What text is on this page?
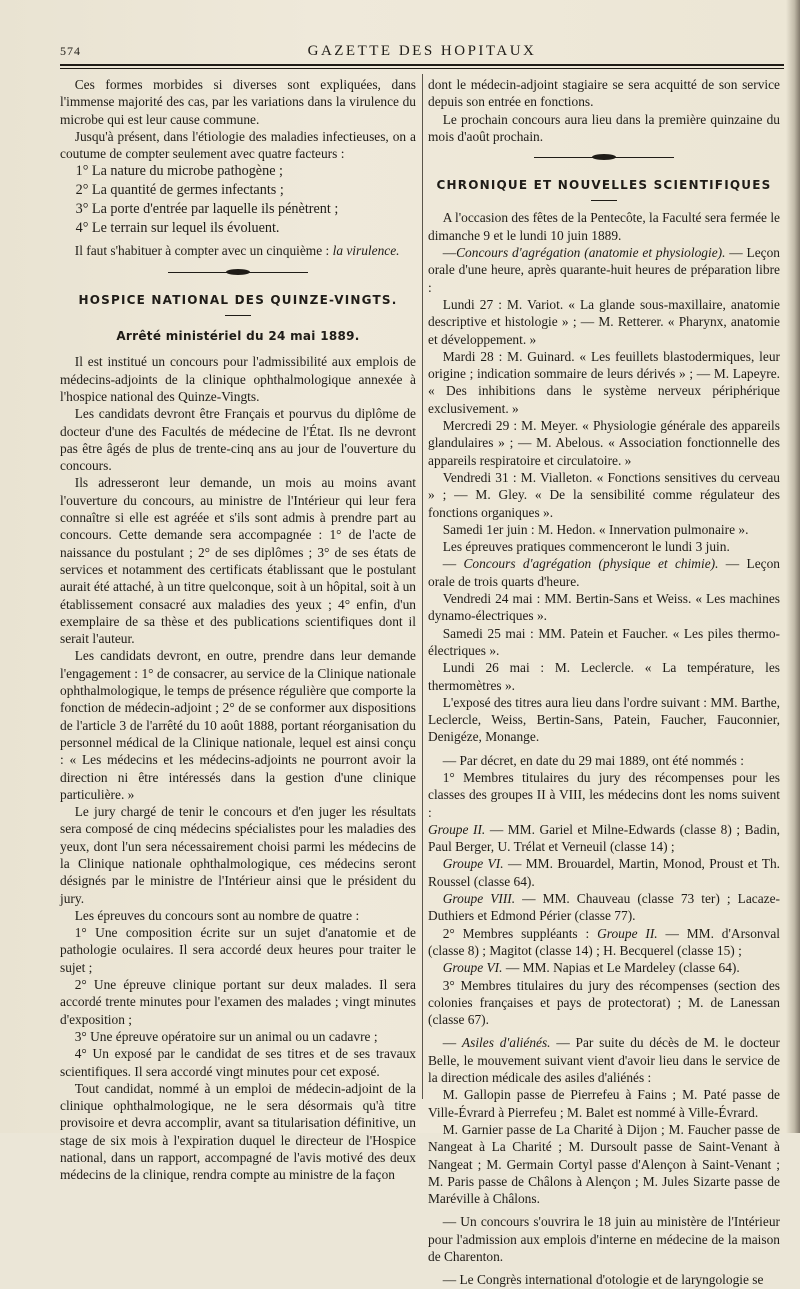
574	GAZETTE DES HOPITAUX

Ces formes morbides si diverses sont expliquées, dans l'immense majorité des cas, par les variations dans la virulence du microbe qui est leur cause commune.

Jusqu'à présent, dans l'étiologie des maladies infectieuses, on a coutume de compter seulement avec quatre facteurs :

1° La nature du microbe pathogène ;

2° La quantité de germes infectants ;

3° La porte d'entrée par laquelle ils pénètrent ;

4° Le terrain sur lequel ils évoluent.

Il faut s'habituer à compter avec un cinquième : la virulence.

HOSPICE NATIONAL DES QUINZE-VINGTS.
Arrêté ministériel du 24 mai 1889.

Il est institué un concours pour l'admissibilité aux emplois de médecins-adjoints de la clinique ophthalmologique annexée à l'hospice national des Quinze-Vingts.

Les candidats devront être Français et pourvus du diplôme de docteur d'une des Facultés de médecine de l'État. Ils ne devront pas être âgés de plus de trente-cinq ans au jour de l'ouverture du concours.

Ils adresseront leur demande, un mois au moins avant l'ouverture du concours, au ministre de l'Intérieur qui leur fera connaître si elle est agréée et s'ils sont admis à prendre part au concours. Cette demande sera accompagnée : 1° de l'acte de naissance du postulant ; 2° de ses diplômes ; 3° de ses états de services et notamment des certificats établissant que le postulant aurait été attaché, à un titre quelconque, soit à un hôpital, soit à un établissement consacré aux maladies des yeux ; 4° enfin, d'un exemplaire de sa thèse et des publications scientifiques dont il serait l'auteur.

Les candidats devront, en outre, prendre dans leur demande l'engagement : 1° de consacrer, au service de la Clinique nationale ophthalmologique, le temps de présence régulière que comporte la fonction de médecin-adjoint ; 2° de se conformer aux dispositions de l'article 3 de l'arrêté du 10 août 1888, portant réorganisation du personnel médical de la Clinique nationale, lequel est ainsi conçu : « Les médecins et les médecins-adjoints ne pourront avoir la direction ni être intéressés dans la gestion d'une clinique particulière. »

Le jury chargé de tenir le concours et d'en juger les résultats sera composé de cinq médecins spécialistes pour les maladies des yeux, dont l'un sera nécessairement choisi parmi les médecins de la Clinique nationale ophthalmologique, ces médecins seront désignés par le ministre de l'Intérieur ainsi que le président du jury.

Les épreuves du concours sont au nombre de quatre :

1° Une composition écrite sur un sujet d'anatomie et de pathologie oculaires. Il sera accordé deux heures pour traiter le sujet ;

2° Une épreuve clinique portant sur deux malades. Il sera accordé trente minutes pour l'examen des malades ; vingt minutes d'exposition ;

3° Une épreuve opératoire sur un animal ou un cadavre ;

4° Un exposé par le candidat de ses titres et de ses travaux scientifiques. Il sera accordé vingt minutes pour cet exposé.

Tout candidat, nommé à un emploi de médecin-adjoint de la clinique ophthalmologique, ne le sera désormais qu'à titre provisoire et devra accomplir, avant sa titularisation définitive, un stage de six mois à l'expiration duquel le directeur de l'Hospice national, dans un rapport, accompagné de l'avis motivé des deux médecins de la clinique, rendra compte au ministre de la façon

dont le médecin-adjoint stagiaire se sera acquitté de son service depuis son entrée en fonctions.

Le prochain concours aura lieu dans la première quinzaine du mois d'août prochain.

CHRONIQUE ET NOUVELLES SCIENTIFIQUES

A l'occasion des fêtes de la Pentecôte, la Faculté sera fermée le dimanche 9 et le lundi 10 juin 1889.

—Concours d'agrégation (anatomie et physiologie). — Leçon orale d'une heure, après quarante-huit heures de préparation libre :

Lundi 27 : M. Variot. « La glande sous-maxillaire, anatomie descriptive et histologie » ; — M. Retterer. « Pharynx, anatomie et développement. »

Mardi 28 : M. Guinard. « Les feuillets blastodermiques, leur origine ; indication sommaire de leurs dérivés » ; — M. Lapeyre. « Des inhibitions dans le système nerveux périphérique exclusivement. »

Mercredi 29 : M. Meyer. « Physiologie générale des appareils glandulaires » ; — M. Abelous. « Association fonctionnelle des appareils respiratoire et circulatoire. »

Vendredi 31 : M. Vialleton. « Fonctions sensitives du cerveau » ; — M. Gley. « De la sensibilité comme régulateur des fonctions organiques ».

Samedi 1er juin : M. Hedon. « Innervation pulmonaire ».

Les épreuves pratiques commenceront le lundi 3 juin.

— Concours d'agrégation (physique et chimie). — Leçon orale de trois quarts d'heure.

Vendredi 24 mai : MM. Bertin-Sans et Weiss. « Les machines dynamo-électriques ».

Samedi 25 mai : MM. Patein et Faucher. « Les piles thermo-électriques ».

Lundi 26 mai : M. Leclercle. « La température, les thermomètres ».

L'exposé des titres aura lieu dans l'ordre suivant : MM. Barthe, Leclercle, Weiss, Bertin-Sans, Patein, Faucher, Fauconnier, Denigéze, Monange.

— Par décret, en date du 29 mai 1889, ont été nommés :

1° Membres titulaires du jury des récompenses pour les classes des groupes II à VIII, les médecins dont les noms suivent :

Groupe II. — MM. Gariel et Milne-Edwards (classe 8) ; Badin, Paul Berger, U. Trélat et Verneuil (classe 14) ;

Groupe VI. — MM. Brouardel, Martin, Monod, Proust et Th. Roussel (classe 64).

Groupe VIII. — MM. Chauveau (classe 73 ter) ; Lacaze-Duthiers et Edmond Périer (classe 77).

2° Membres suppléants : Groupe II. — MM. d'Arsonval (classe 8) ; Magitot (classe 14) ; H. Becquerel (classe 15) ;

Groupe VI. — MM. Napias et Le Mardeley (classe 64).

3° Membres titulaires du jury des récompenses (section des colonies françaises et pays de protectorat) ; M. de Lanessan (classe 67).

— Asiles d'aliénés. — Par suite du décès de M. le docteur Belle, le mouvement suivant vient d'avoir lieu dans le service de la direction médicale des asiles d'aliénés :

M. Gallopin passe de Pierrefeu à Fains ; M. Paté passe de Ville-Évrard à Pierrefeu ; M. Balet est nommé à Ville-Évrard.

M. Garnier passe de La Charité à Dijon ; M. Faucher passe de Nangeat à La Charité ; M. Dursoult passe de Saint-Venant à Nangeat ; M. Germain Cortyl passe d'Alençon à Saint-Venant ; M. Paris passe de Châlons à Alençon ; M. Jules Sizarte passe de Maréville à Châlons.

— Un concours s'ouvrira le 18 juin au ministère de l'Intérieur pour l'admission aux emplois d'interne en médecine de la maison de Charenton.

— Le Congrès international d'otologie et de laryngologie se
